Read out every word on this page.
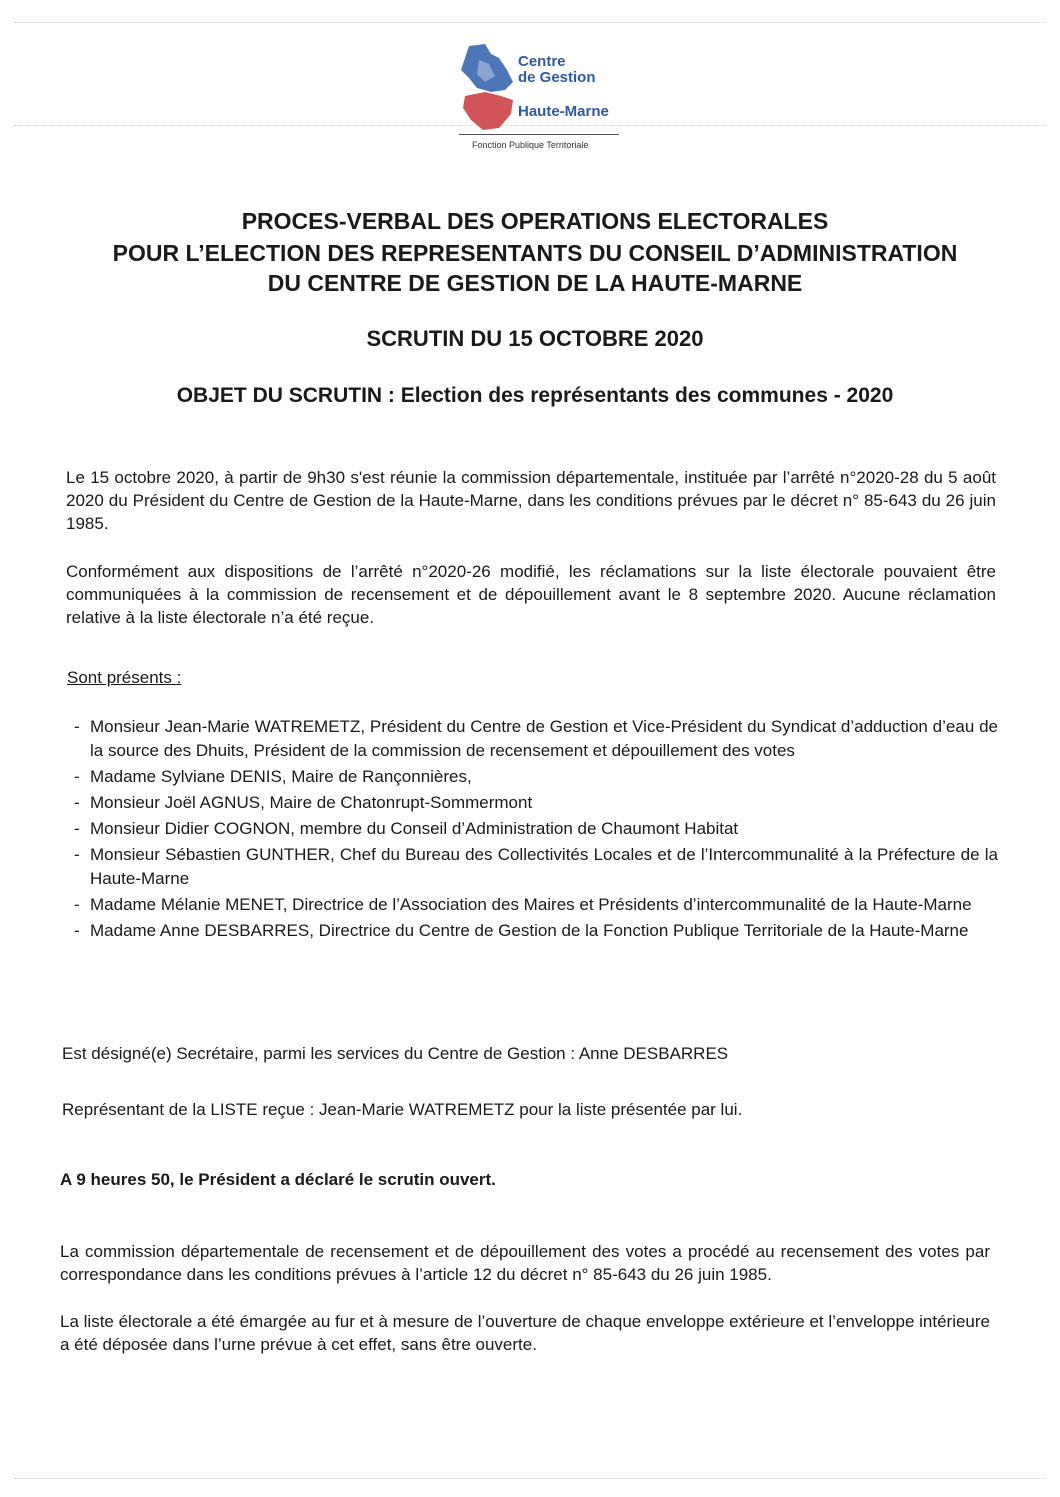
Centre
de Gestion
Haute-Marne
Fonction Publique Territoriale
PROCES-VERBAL DES OPERATIONS ELECTORALES
POUR L’ELECTION DES REPRESENTANTS DU CONSEIL D’ADMINISTRATION
DU CENTRE DE GESTION DE LA HAUTE-MARNE
SCRUTIN DU 15 OCTOBRE 2020
OBJET DU SCRUTIN : Election des représentants des communes - 2020
Le 15 octobre 2020, à partir de 9h30 s'est réunie la commission départementale, instituée par l’arrêté n°2020-28 du 5 août 2020 du Président du Centre de Gestion de la Haute-Marne, dans les conditions prévues par le décret n° 85-643 du 26 juin 1985.
Conformément aux dispositions de l’arrêté n°2020-26 modifié, les réclamations sur la liste électorale pouvaient être communiquées à la commission de recensement et de dépouillement avant le 8 septembre 2020. Aucune réclamation relative à la liste électorale n’a été reçue.
Sont présents :
- Monsieur Jean-Marie WATREMETZ, Président du Centre de Gestion et Vice-Président du Syndicat d’adduction d’eau de la source des Dhuits, Président de la commission de recensement et dépouillement des votes
- Madame Sylviane DENIS, Maire de Rançonnières,
- Monsieur Joël AGNUS, Maire de Chatonrupt-Sommermont
- Monsieur Didier COGNON, membre du Conseil d’Administration de Chaumont Habitat
- Monsieur Sébastien GUNTHER, Chef du Bureau des Collectivités Locales et de l’Intercommunalité à la Préfecture de la Haute-Marne
- Madame Mélanie MENET, Directrice de l’Association des Maires et Présidents d’intercommunalité de la Haute-Marne
- Madame Anne DESBARRES, Directrice du Centre de Gestion de la Fonction Publique Territoriale de la Haute-Marne
Est désigné(e) Secrétaire, parmi les services du Centre de Gestion : Anne DESBARRES
Représentant de la LISTE reçue : Jean-Marie WATREMETZ pour la liste présentée par lui.
A 9 heures 50, le Président a déclaré le scrutin ouvert.
La commission départementale de recensement et de dépouillement des votes a procédé au recensement des votes par correspondance dans les conditions prévues à l’article 12 du décret n° 85-643 du 26 juin 1985.
La liste électorale a été émargée au fur et à mesure de l’ouverture de chaque enveloppe extérieure et l’enveloppe intérieure a été déposée dans l’urne prévue à cet effet, sans être ouverte.
